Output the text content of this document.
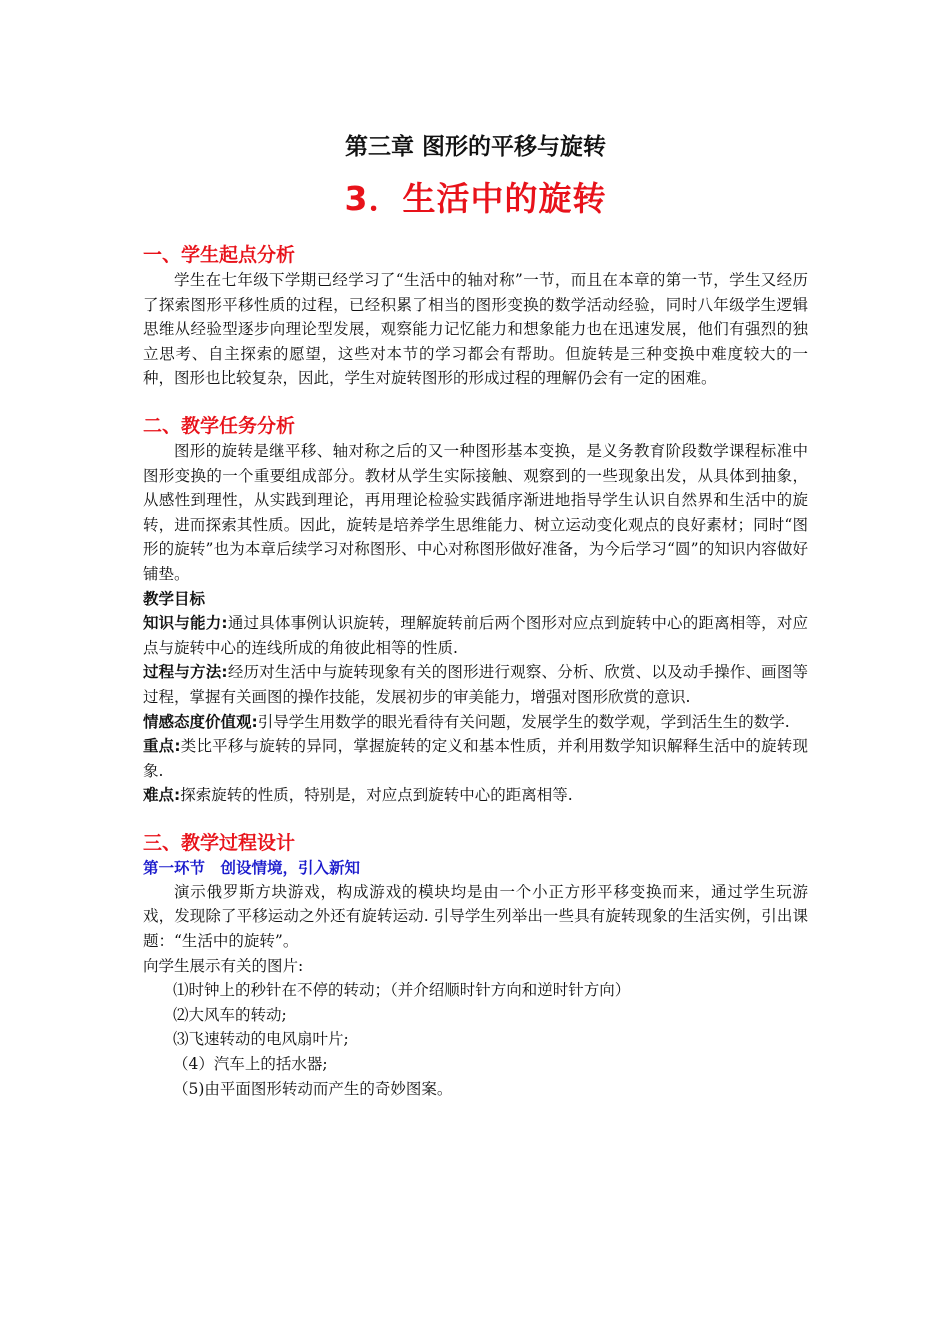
第三章 图形的平移与旋转
3．生活中的旋转
一、学生起点分析

学生在七年级下学期已经学习了“生活中的轴对称”一节，而且在本章的第一节，学生又经历了探索图形平移性质的过程，已经积累了相当的图形变换的数学活动经验，同时八年级学生逻辑思维从经验型逐步向理论型发展，观察能力记忆能力和想象能力也在迅速发展，他们有强烈的独立思考、自主探索的愿望，这些对本节的学习都会有帮助。但旋转是三种变换中难度较大的一种，图形也比较复杂，因此，学生对旋转图形的形成过程的理解仍会有一定的困难。

二、教学任务分析

图形的旋转是继平移、轴对称之后的又一种图形基本变换，是义务教育阶段数学课程标准中图形变换的一个重要组成部分。教材从学生实际接触、观察到的一些现象出发，从具体到抽象，从感性到理性，从实践到理论，再用理论检验实践循序渐进地指导学生认识自然界和生活中的旋转，进而探索其性质。因此，旋转是培养学生思维能力、树立运动变化观点的良好素材；同时“图形的旋转”也为本章后续学习对称图形、中心对称图形做好准备，为今后学习“圆”的知识内容做好铺垫。

教学目标

知识与能力:通过具体事例认识旋转，理解旋转前后两个图形对应点到旋转中心的距离相等，对应点与旋转中心的连线所成的角彼此相等的性质.

过程与方法:经历对生活中与旋转现象有关的图形进行观察、分析、欣赏、以及动手操作、画图等过程，掌握有关画图的操作技能，发展初步的审美能力，增强对图形欣赏的意识.

情感态度价值观:引导学生用数学的眼光看待有关问题，发展学生的数学观，学到活生生的数学.

重点:类比平移与旋转的异同，掌握旋转的定义和基本性质，并利用数学知识解释生活中的旋转现象.

难点:探索旋转的性质，特别是，对应点到旋转中心的距离相等.

三、教学过程设计
第一环节　创设情境，引入新知

演示俄罗斯方块游戏，构成游戏的模块均是由一个小正方形平移变换而来，通过学生玩游戏，发现除了平移运动之外还有旋转运动. 引导学生列举出一些具有旋转现象的生活实例，引出课题：“生活中的旋转”。

向学生展示有关的图片:

⑴时钟上的秒针在不停的转动；（并介绍顺时针方向和逆时针方向）

⑵大风车的转动;

⑶飞速转动的电风扇叶片;

（4）汽车上的括水器;

（5)由平面图形转动而产生的奇妙图案。
